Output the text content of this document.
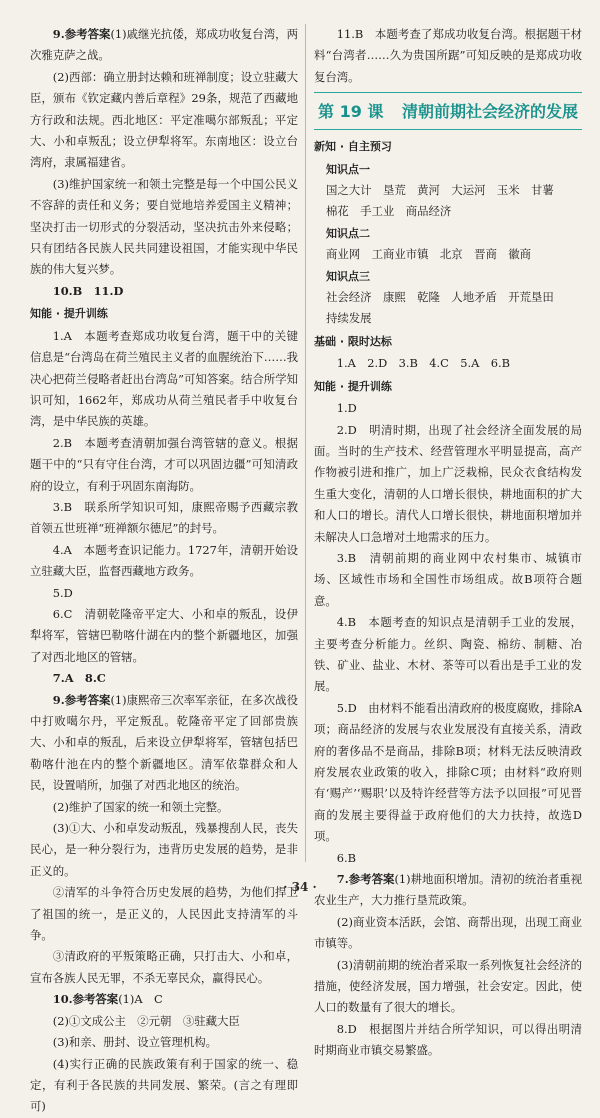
9.参考答案(1)戚继光抗倭，郑成功收复台湾，两次雅克萨之战。

(2)西部：确立册封达赖和班禅制度；设立驻藏大臣，颁布《钦定藏内善后章程》29条，规范了西藏地方行政和法规。西北地区：平定准噶尔部叛乱；平定大、小和卓叛乱；设立伊犁将军。东南地区：设立台湾府，隶属福建省。

(3)维护国家统一和领土完整是每一个中国公民义不容辞的责任和义务；要自觉地培养爱国主义精神；坚决打击一切形式的分裂活动，坚决抗击外来侵略；只有团结各民族人民共同建设祖国，才能实现中华民族的伟大复兴梦。

10.B　11.D

知能 · 提升训练

1.A　本题考查郑成功收复台湾，题干中的关键信息是“台湾岛在荷兰殖民主义者的血腥统治下……我决心把荷兰侵略者赶出台湾岛”可知答案。结合所学知识可知，1662年，郑成功从荷兰殖民者手中收复台湾，是中华民族的英雄。

2.B　本题考查清朝加强台湾管辖的意义。根据题干中的“只有守住台湾，才可以巩固边疆”可知清政府的设立，有利于巩固东南海防。

3.B　联系所学知识可知，康熙帝赐予西藏宗教首领五世班禅“班禅额尔德尼”的封号。

4.A　本题考查识记能力。1727年，清朝开始设立驻藏大臣，监督西藏地方政务。

5.D

6.C　清朝乾隆帝平定大、小和卓的叛乱，设伊犁将军，管辖巴勒喀什湖在内的整个新疆地区，加强了对西北地区的管辖。

7.A　8.C

9.参考答案(1)康熙帝三次率军亲征，在多次战役中打败噶尔丹，平定叛乱。乾隆帝平定了回部贵族大、小和卓的叛乱，后来设立伊犁将军，管辖包括巴勒喀什池在内的整个新疆地区。清军依靠群众和人民，设置哨所，加强了对西北地区的统治。

(2)维护了国家的统一和领土完整。

(3)①大、小和卓发动叛乱，残暴搜刮人民，丧失民心，是一种分裂行为，违背历史发展的趋势，是非正义的。

②清军的斗争符合历史发展的趋势，为他们捍卫了祖国的统一，是正义的，人民因此支持清军的斗争。

③清政府的平叛策略正确，只打击大、小和卓，宣布各族人民无罪，不杀无辜民众，赢得民心。

10.参考答案(1)A　C

(2)①文成公主　②元朝　③驻藏大臣

(3)和亲、册封、设立管理机构。

(4)实行正确的民族政策有利于国家的统一、稳定，有利于各民族的共同发展、繁荣。(言之有理即可)

11.B　本题考查了郑成功收复台湾。根据题干材料“台湾者……久为贵国所踞”可知反映的是郑成功收复台湾。

第 19 课 清朝前期社会经济的发展
新知 · 自主预习
知识点一

国之大计　垦荒　黄河　大运河　玉米　甘薯

棉花　手工业　商品经济

知识点二

商业网　工商业市镇　北京　晋商　徽商

知识点三

社会经济　康熙　乾隆　人地矛盾　开荒垦田

持续发展

基础 · 限时达标

1.A　2.D　3.B　4.C　5.A　6.B

知能 · 提升训练

1.D

2.D　明清时期，出现了社会经济全面发展的局面。当时的生产技术、经营管理水平明显提高，高产作物被引进和推广，加上广泛栽棉，民众衣食结构发生重大变化，清朝的人口增长很快，耕地面积的扩大和人口的增长。清代人口增长很快，耕地面积增加并未解决人口急增对土地需求的压力。

3.B　清朝前期的商业网中农村集市、城镇市场、区域性市场和全国性市场组成。故B项符合题意。

4.B　本题考查的知识点是清朝手工业的发展，主要考查分析能力。丝织、陶瓷、棉纺、制糖、冶铁、矿业、盐业、木材、茶等可以看出是手工业的发展。

5.D　由材料不能看出清政府的极度腐败，排除A项；商品经济的发展与农业发展没有直接关系，清政府的奢侈品不是商品，排除B项；材料无法反映清政府发展农业政策的收入，排除C项；由材料“政府则有‘赐产’‘赐职’以及特许经营等方法予以回报”可见晋商的发展主要得益于政府他们的大力扶持，故选D项。

6.B

7.参考答案(1)耕地面积增加。清初的统治者重视农业生产，大力推行垦荒政策。

(2)商业资本活跃，会馆、商帮出现，出现工商业市镇等。

(3)清朝前期的统治者采取一系列恢复社会经济的措施，使经济发展，国力增强，社会安定。因此，使人口的数量有了很大的增长。

8.D　根据图片并结合所学知识，可以得出明清时期商业市镇交易繁盛。

· 34 ·
